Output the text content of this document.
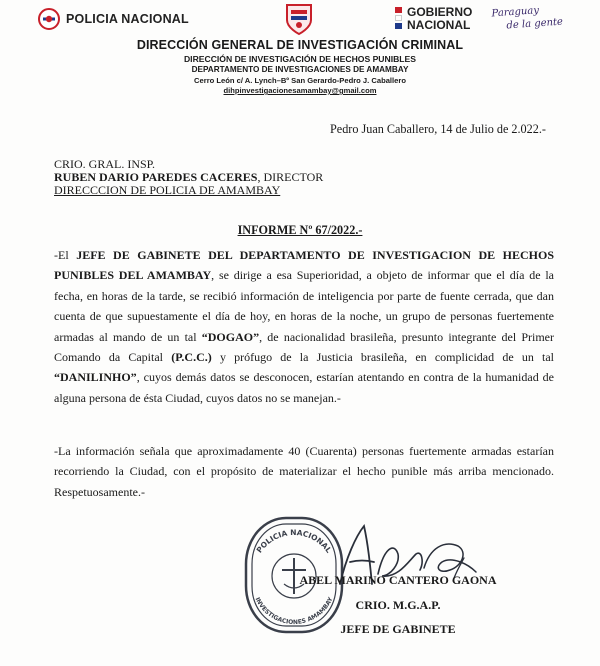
POLICIA NACIONAL	GOBIERNO
NACIONAL
Paraguay
de la gente
DIRECCIÓN GENERAL DE INVESTIGACIÓN CRIMINAL
DIRECCIÓN DE INVESTIGACIÓN DE HECHOS PUNIBLES
DEPARTAMENTO DE INVESTIGACIONES DE AMAMBAY
Cerro León c/ A. Lynch–Bº San Gerardo-Pedro J. Caballero
dihpinvestigacionesamambay@gmail.com
Pedro Juan Caballero, 14 de Julio de 2.022.-
CRIO. GRAL. INSP.
RUBEN DARIO PAREDES CACERES, DIRECTOR
DIRECCCION DE POLICIA DE AMAMBAY
INFORME Nº 67/2022.-
-El JEFE DE GABINETE DEL DEPARTAMENTO DE INVESTIGACION DE HECHOS PUNIBLES DEL AMAMBAY, se dirige a esa Superioridad, a objeto de informar que el día de la fecha, en horas de la tarde, se recibió información de inteligencia por parte de fuente cerrada, que dan cuenta de que supuestamente el día de hoy, en horas de la noche, un grupo de personas fuertemente armadas al mando de un tal “DOGAO”, de nacionalidad brasileña, presunto integrante del Primer Comando da Capital (P.C.C.) y prófugo de la Justicia brasileña, en complicidad de un tal “DANILINHO”, cuyos demás datos se desconocen, estarían atentando en contra de la humanidad de alguna persona de ésta Ciudad, cuyos datos no se manejan.-
-La información señala que aproximadamente 40 (Cuarenta) personas fuertemente armadas estarían recorriendo la Ciudad, con el propósito de materializar el hecho punible más arriba mencionado. Respetuosamente.-
POLICIA NACIONAL
INVESTIGACIONES AMAMBAY
ABEL MARINO CANTERO GAONA
CRIO. M.G.A.P.
JEFE DE GABINETE
